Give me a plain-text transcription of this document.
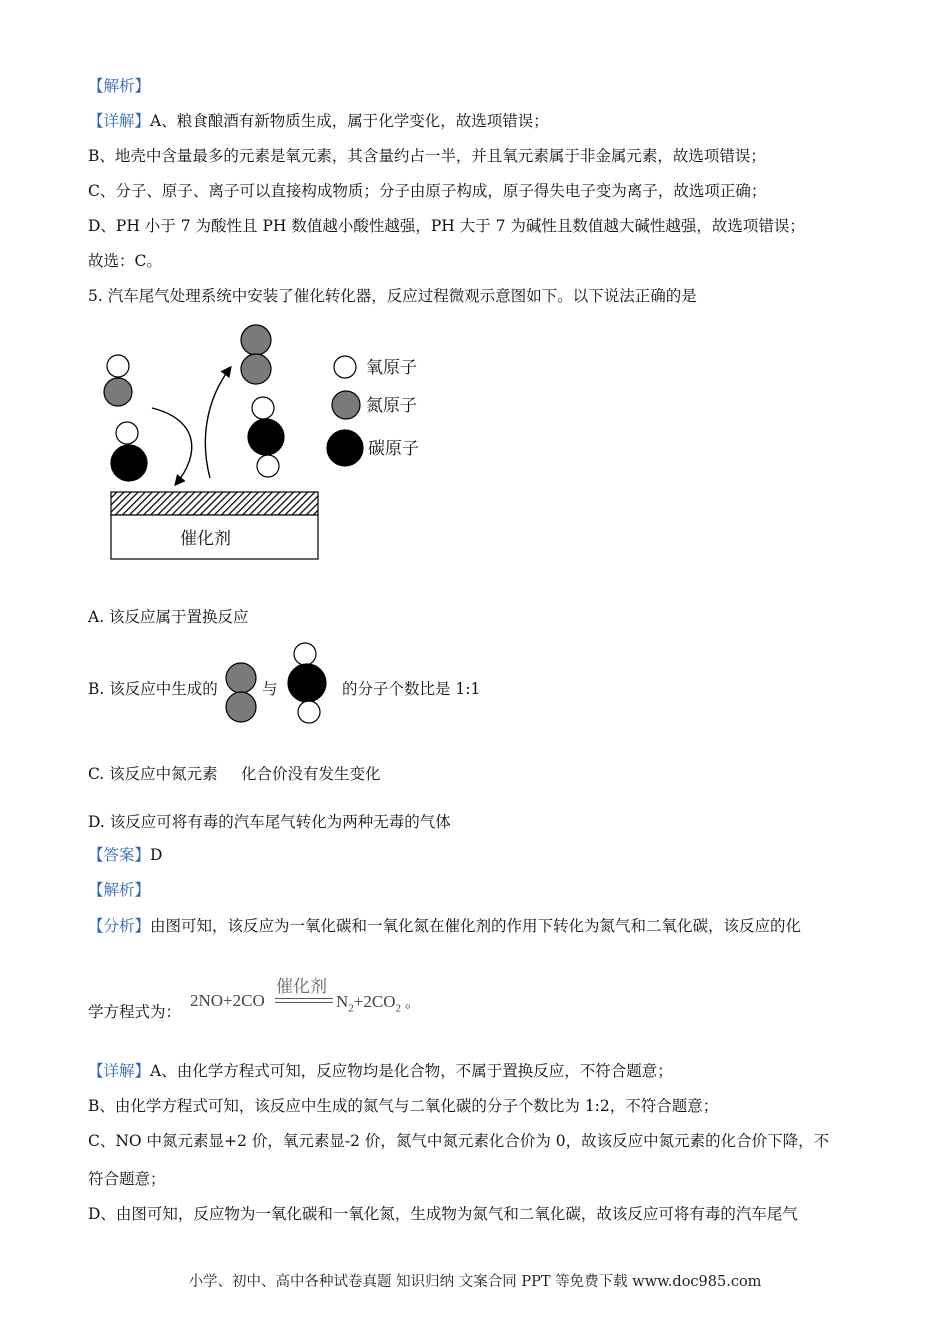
【解析】
【详解】A、粮食酿酒有新物质生成，属于化学变化，故选项错误；
B、地壳中含量最多的元素是氧元素，其含量约占一半，并且氧元素属于非金属元素，故选项错误；
C、分子、原子、离子可以直接构成物质；分子由原子构成，原子得失电子变为离子，故选项正确；
D、PH 小于 7 为酸性且 PH 数值越小酸性越强，PH 大于 7 为碱性且数值越大碱性越强，故选项错误；
故选：C。
5. 汽车尾气处理系统中安装了催化转化器，反应过程微观示意图如下。以下说法正确的是
氧原子
氮原子
碳原子
催化剂
A. 该反应属于置换反应
B. 该反应中生成的	与	的分子个数比是 1:1
C. 该反应中氮元素 化合价没有发生变化
D. 该反应可将有毒的汽车尾气转化为两种无毒的气体
【答案】D
【解析】
【分析】由图可知，该反应为一氧化碳和一氧化氮在催化剂的作用下转化为氮气和二氧化碳，该反应的化
学方程式为：
2NO+2CO
催化剂
$N_2+2CO_2$ 。
【详解】A、由化学方程式可知，反应物均是化合物，不属于置换反应，不符合题意；
B、由化学方程式可知，该反应中生成的氮气与二氧化碳的分子个数比为 1:2，不符合题意；
C、NO 中氮元素显+2 价，氧元素显-2 价，氮气中氮元素化合价为 0，故该反应中氮元素的化合价下降，不
符合题意；
D、由图可知，反应物为一氧化碳和一氧化氮，生成物为氮气和二氧化碳，故该反应可将有毒的汽车尾气
小学、初中、高中各种试卷真题 知识归纳 文案合同 PPT 等免费下载 www.doc985.com
